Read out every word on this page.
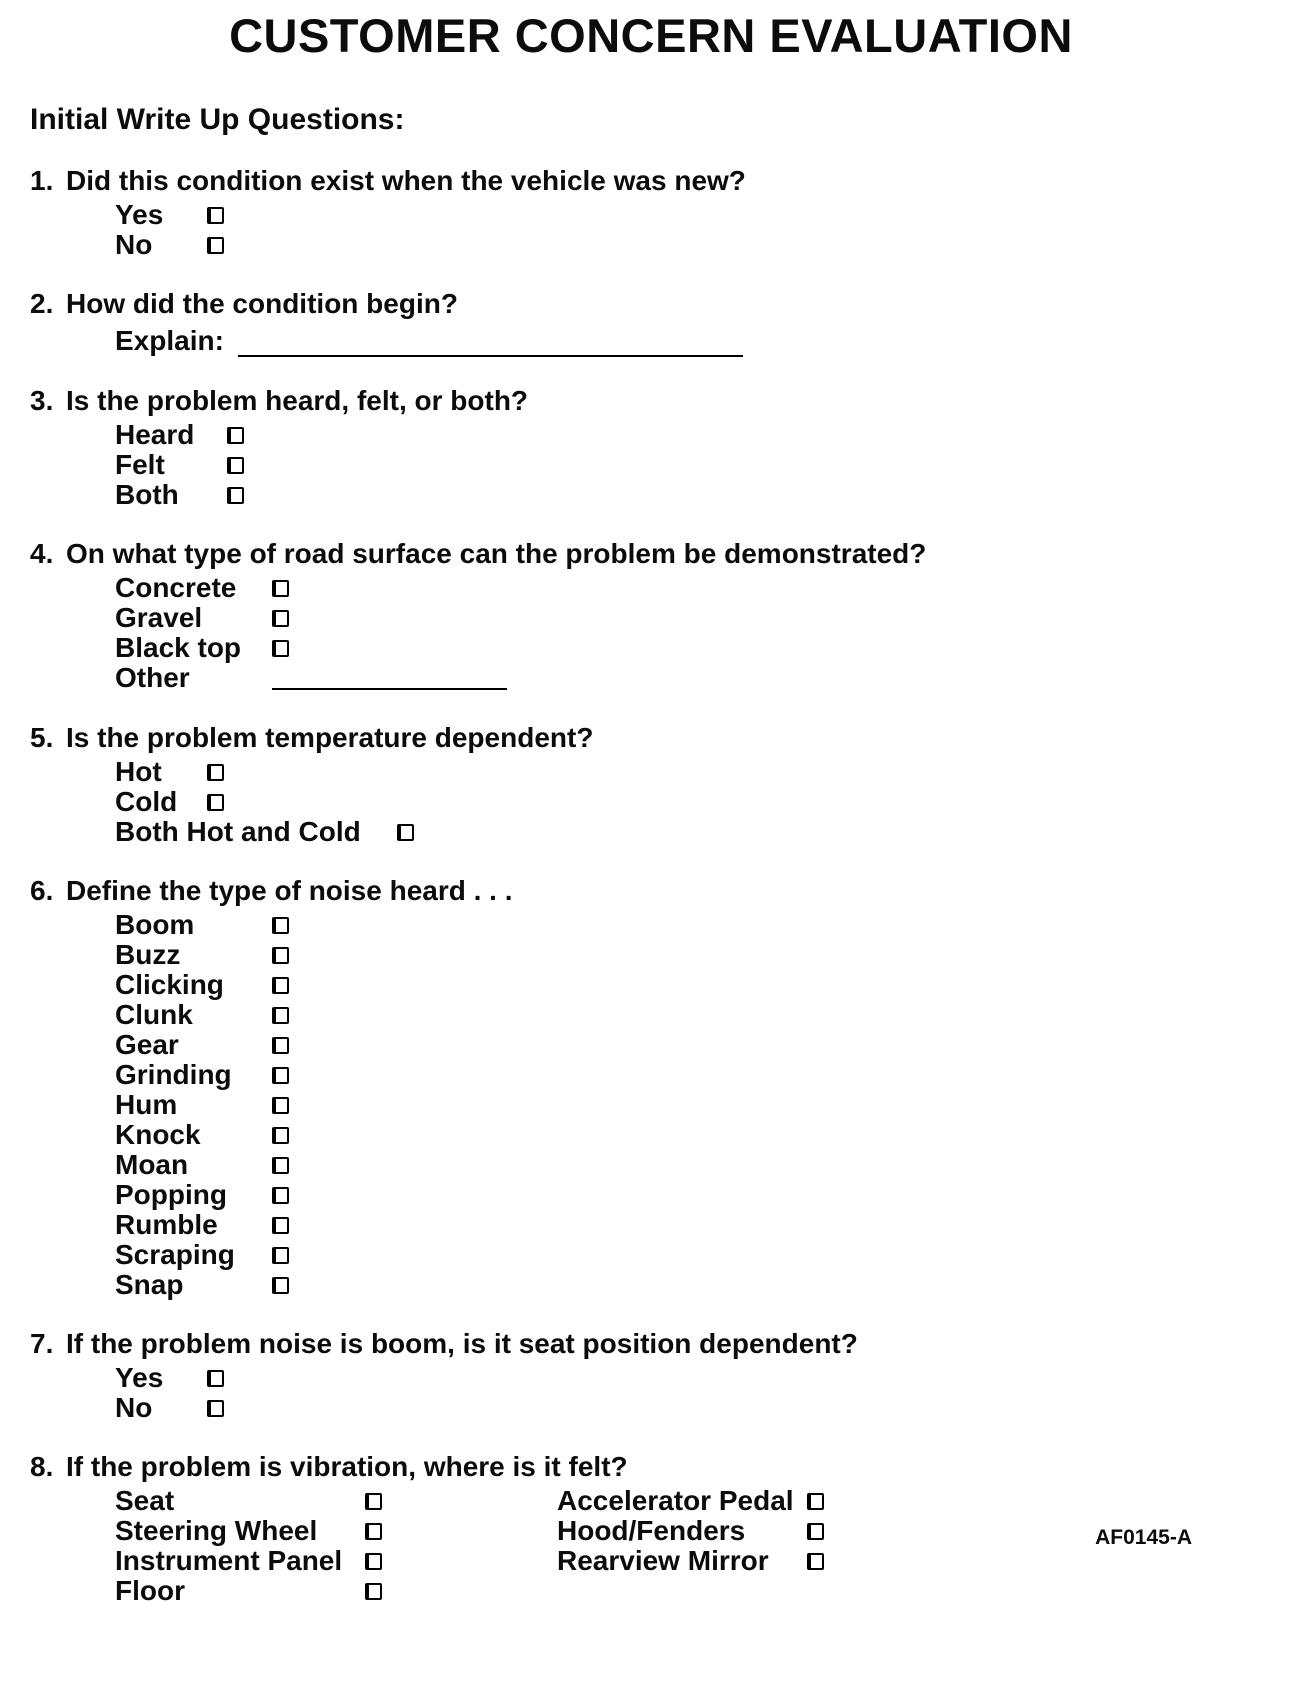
CUSTOMER CONCERN EVALUATION
Initial Write Up Questions:
1. Did this condition exist when the vehicle was new?
Yes
No
2. How did the condition begin?
Explain:
3. Is the problem heard, felt, or both?
Heard
Felt
Both
4. On what type of road surface can the problem be demonstrated?
Concrete
Gravel
Black top
Other
5. Is the problem temperature dependent?
Hot
Cold
Both Hot and Cold
6. Define the type of noise heard . . .
Boom
Buzz
Clicking
Clunk
Gear
Grinding
Hum
Knock
Moan
Popping
Rumble
Scraping
Snap
7. If the problem noise is boom, is it seat position dependent?
Yes
No
8. If the problem is vibration, where is it felt?
Seat
Steering Wheel
Instrument Panel
Floor
Accelerator Pedal
Hood/Fenders
Rearview Mirror
AF0145-A
